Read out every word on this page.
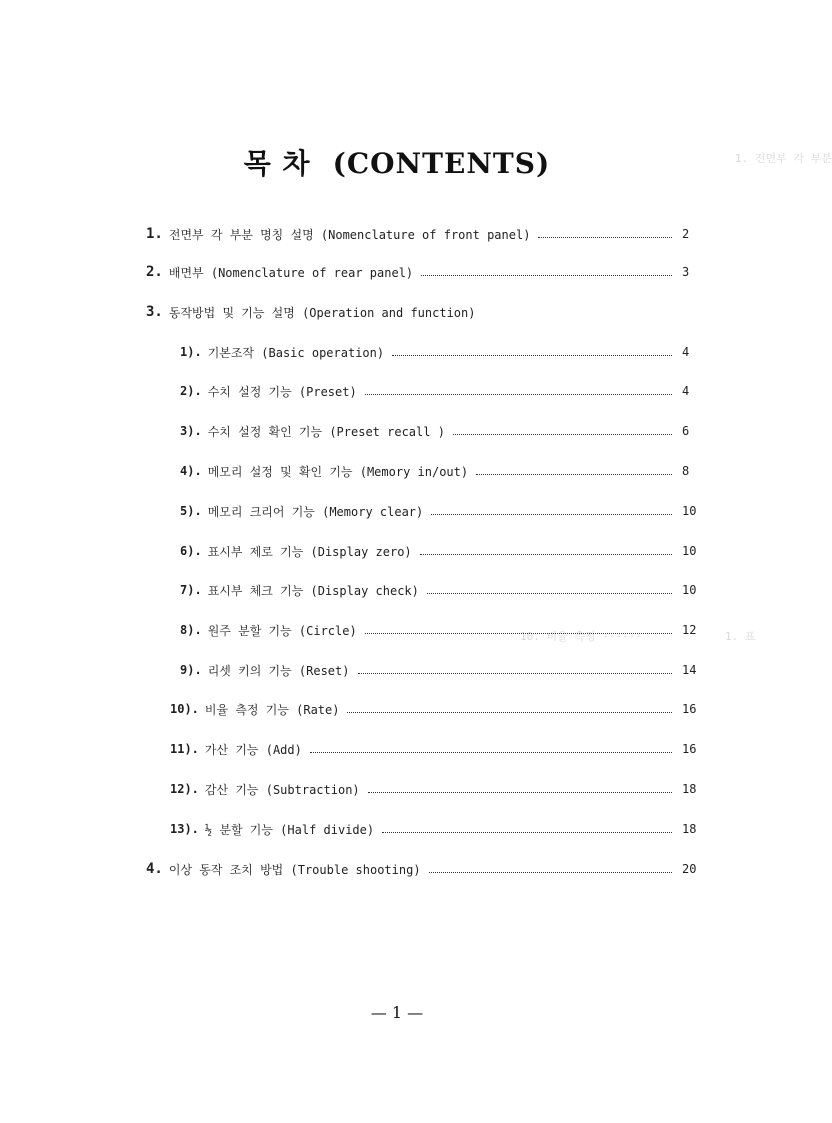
1. 전면부 각 부분
10. 비율 측정 ······	1. 표
목 차 (CONTENTS)
1. 전면부 각 부분 명칭 설명 (Nomenclature of front panel)	2
2. 배면부 (Nomenclature of rear panel)	3
3. 동작방법 및 기능 설명 (Operation and function)
1). 기본조작 (Basic operation)	4
2). 수치 설정 기능 (Preset)	4
3). 수치 설정 확인 기능 (Preset recall )	6
4). 메모리 설정 및 확인 기능 (Memory in/out)	8
5). 메모리 크리어 기능 (Memory clear)	10
6). 표시부 제로 기능 (Display zero)	10
7). 표시부 체크 기능 (Display check)	10
8). 원주 분할 기능 (Circle)	12
9). 리셋 키의 기능 (Reset)	14
10). 비율 측정 기능 (Rate)	16
11). 가산 기능 (Add)	16
12). 감산 기능 (Subtraction)	18
13). ½ 분할 기능 (Half divide)	18
4. 이상 동작 조치 방법 (Trouble shooting)	20
— 1 —
